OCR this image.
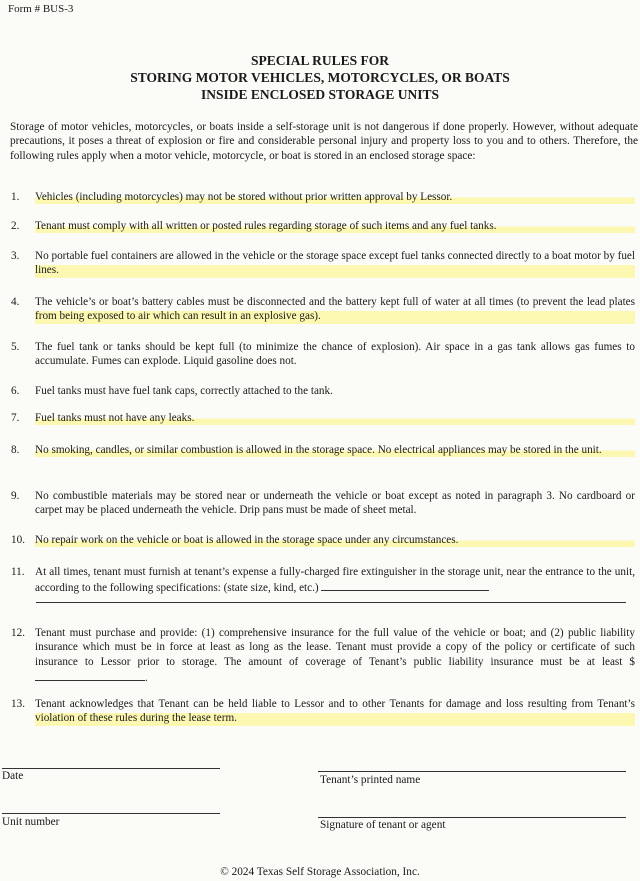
Form # BUS-3
SPECIAL RULES FOR
STORING MOTOR VEHICLES, MOTORCYCLES, OR BOATS
INSIDE ENCLOSED STORAGE UNITS
Storage of motor vehicles, motorcycles, or boats inside a self-storage unit is not dangerous if done properly. However, without adequate precautions, it poses a threat of explosion or fire and considerable personal injury and property loss to you and to others. Therefore, the following rules apply when a motor vehicle, motorcycle, or boat is stored in an enclosed storage space:
1. Vehicles (including motorcycles) may not be stored without prior written approval by Lessor.
2. Tenant must comply with all written or posted rules regarding storage of such items and any fuel tanks.
3. No portable fuel containers are allowed in the vehicle or the storage space except fuel tanks connected directly to a boat motor by fuel lines.
4. The vehicle’s or boat’s battery cables must be disconnected and the battery kept full of water at all times (to prevent the lead plates from being exposed to air which can result in an explosive gas).
5. The fuel tank or tanks should be kept full (to minimize the chance of explosion). Air space in a gas tank allows gas fumes to accumulate. Fumes can explode. Liquid gasoline does not.
6. Fuel tanks must have fuel tank caps, correctly attached to the tank.
7. Fuel tanks must not have any leaks.
8. No smoking, candles, or similar combustion is allowed in the storage space. No electrical appliances may be stored in the unit.
9. No combustible materials may be stored near or underneath the vehicle or boat except as noted in paragraph 3. No cardboard or carpet may be placed underneath the vehicle. Drip pans must be made of sheet metal.
10. No repair work on the vehicle or boat is allowed in the storage space under any circumstances.
11. At all times, tenant must furnish at tenant’s expense a fully-charged fire extinguisher in the storage unit, near the entrance to the unit, according to the following specifications: (state size, kind, etc.)
12. Tenant must purchase and provide: (1) comprehensive insurance for the full value of the vehicle or boat; and (2) public liability insurance which must be in force at least as long as the lease. Tenant must provide a copy of the policy or certificate of such insurance to Lessor prior to storage. The amount of coverage of Tenant’s public liability insurance must be at least $.
13. Tenant acknowledges that Tenant can be held liable to Lessor and to other Tenants for damage and loss resulting from Tenant’s violation of these rules during the lease term.
Date	Tenant’s printed name
Unit number	Signature of tenant or agent
© 2024 Texas Self Storage Association, Inc.
